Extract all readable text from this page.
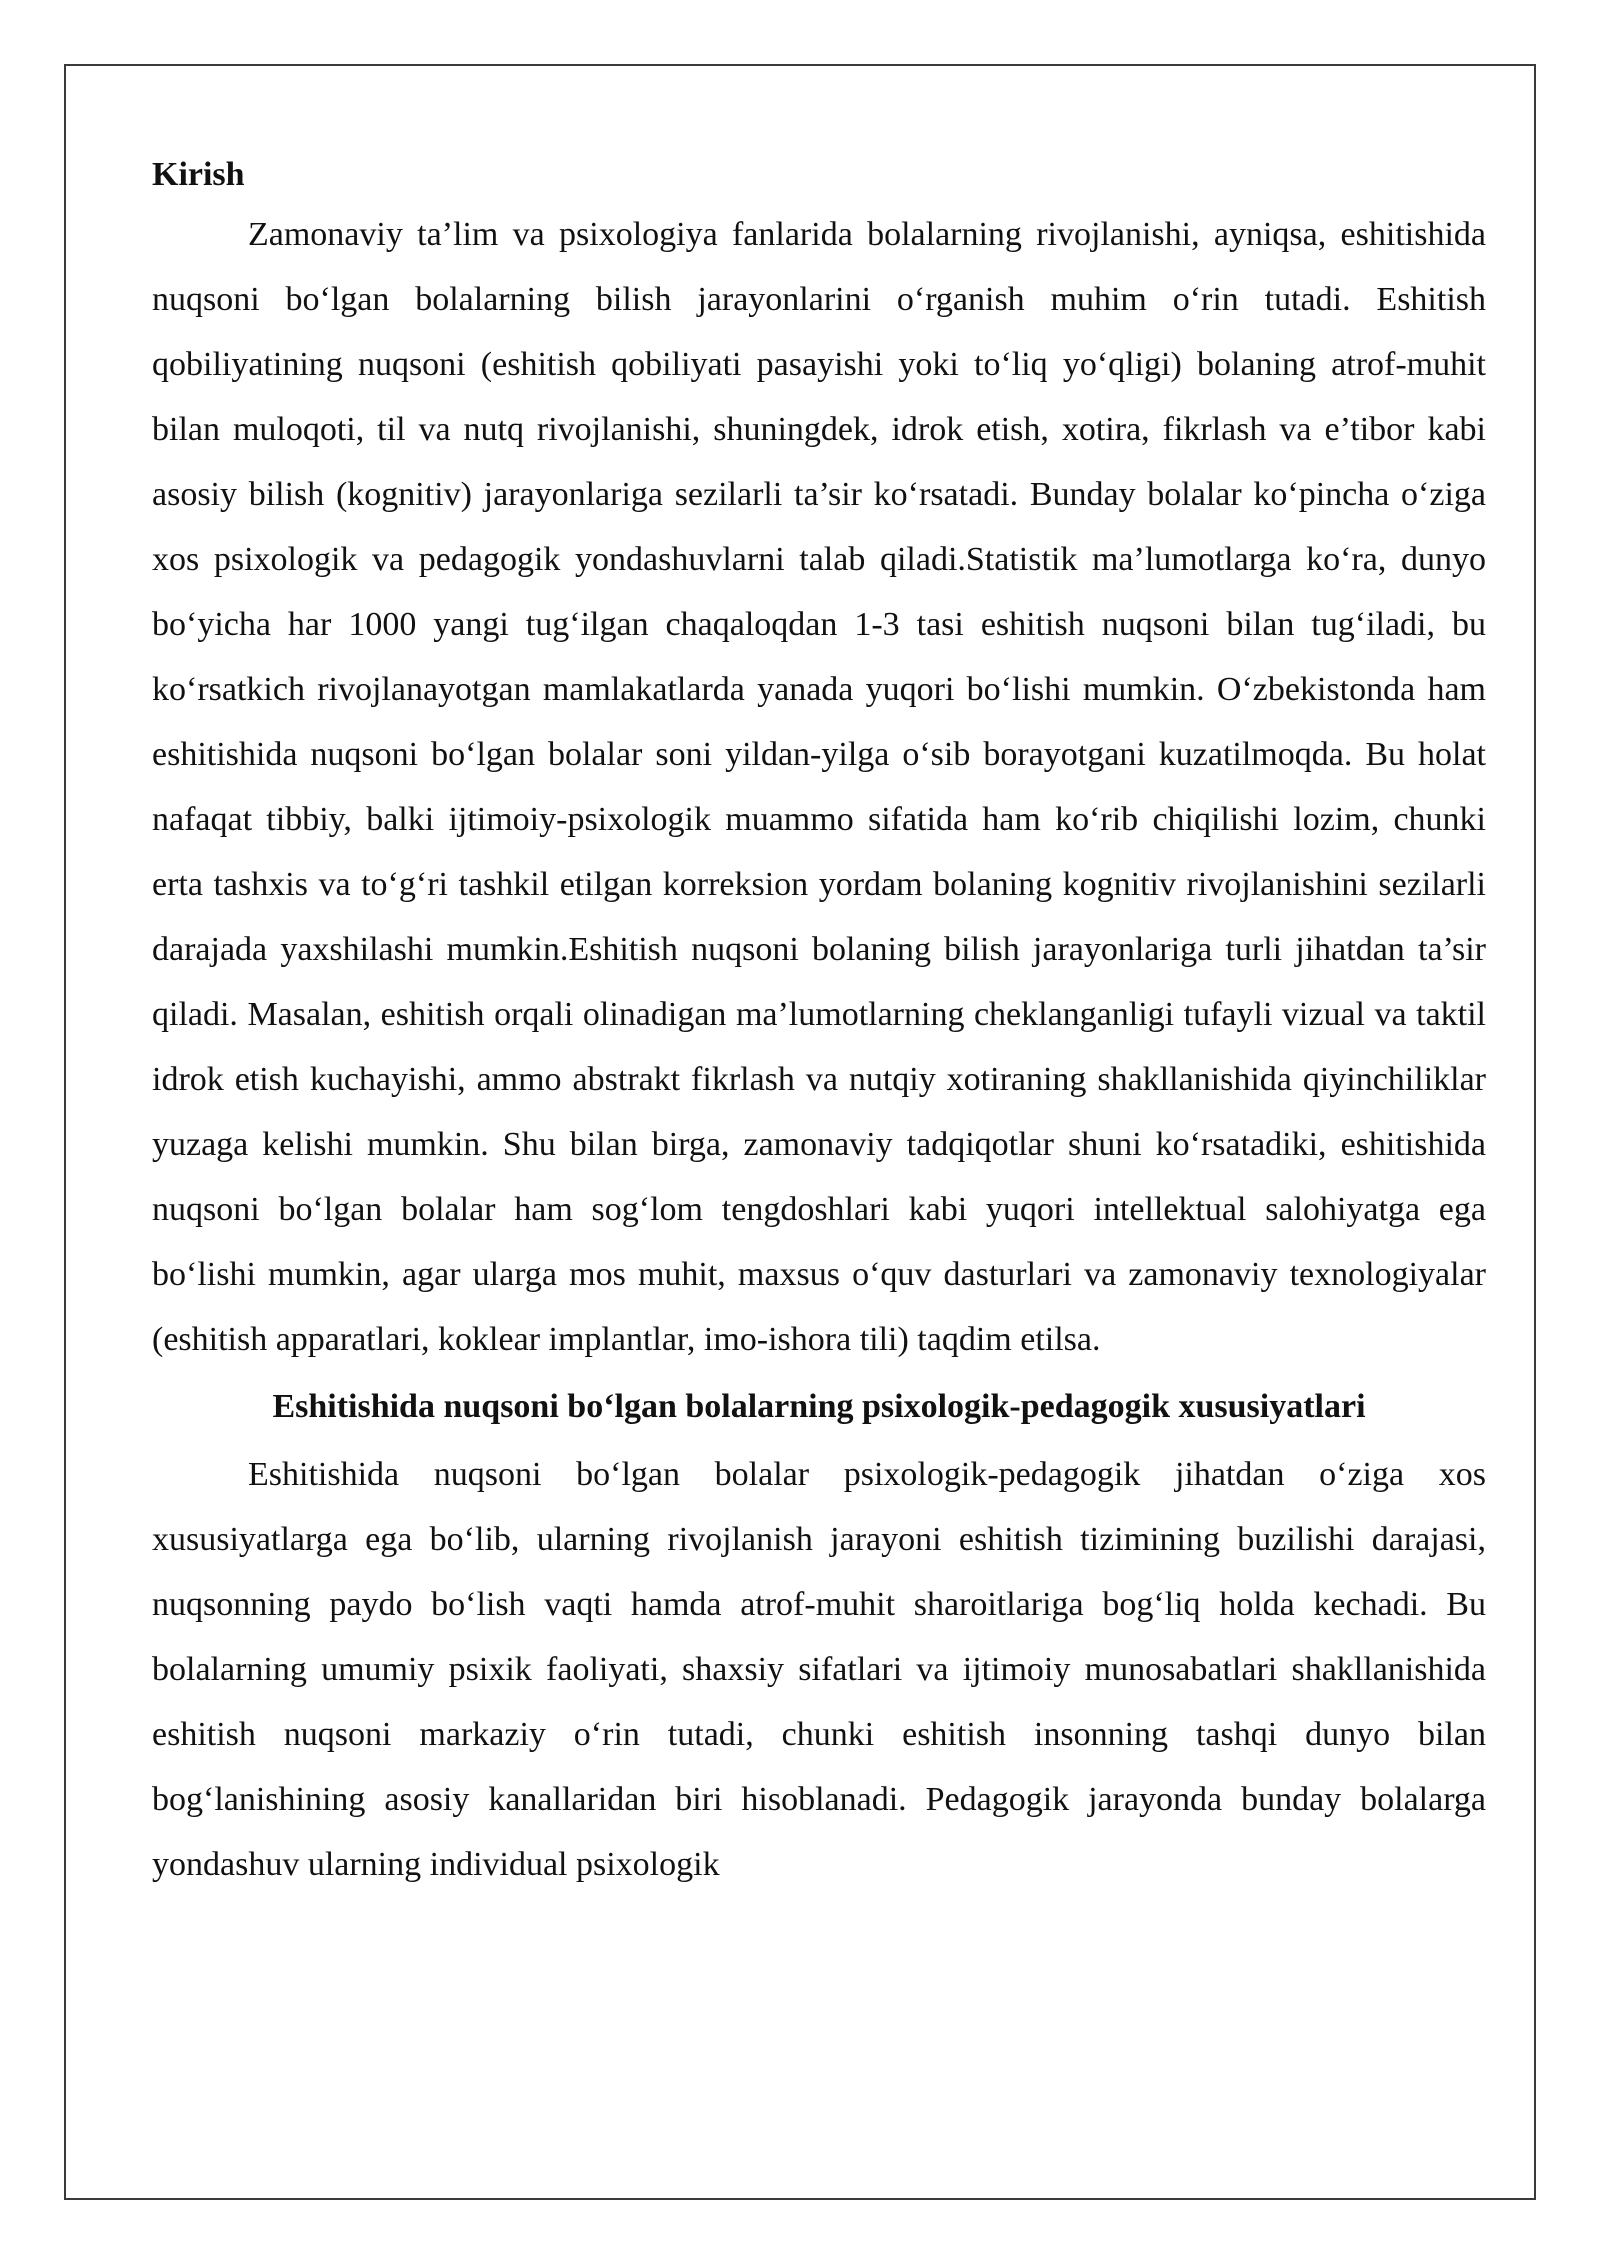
Kirish

Zamonaviy ta’lim va psixologiya fanlarida bolalarning rivojlanishi, ayniqsa, eshitishida nuqsoni bo‘lgan bolalarning bilish jarayonlarini o‘rganish muhim o‘rin tutadi. Eshitish qobiliyatining nuqsoni (eshitish qobiliyati pasayishi yoki to‘liq yo‘qligi) bolaning atrof-muhit bilan muloqoti, til va nutq rivojlanishi, shuningdek, idrok etish, xotira, fikrlash va e’tibor kabi asosiy bilish (kognitiv) jarayonlariga sezilarli ta’sir ko‘rsatadi. Bunday bolalar ko‘pincha o‘ziga xos psixologik va pedagogik yondashuvlarni talab qiladi.Statistik ma’lumotlarga ko‘ra, dunyo bo‘yicha har 1000 yangi tug‘ilgan chaqaloqdan 1-3 tasi eshitish nuqsoni bilan tug‘iladi, bu ko‘rsatkich rivojlanayotgan mamlakatlarda yanada yuqori bo‘lishi mumkin. O‘zbekistonda ham eshitishida nuqsoni bo‘lgan bolalar soni yildan-yilga o‘sib borayotgani kuzatilmoqda. Bu holat nafaqat tibbiy, balki ijtimoiy-psixologik muammo sifatida ham ko‘rib chiqilishi lozim, chunki erta tashxis va to‘g‘ri tashkil etilgan korreksion yordam bolaning kognitiv rivojlanishini sezilarli darajada yaxshilashi mumkin.Eshitish nuqsoni bolaning bilish jarayonlariga turli jihatdan ta’sir qiladi. Masalan, eshitish orqali olinadigan ma’lumotlarning cheklanganligi tufayli vizual va taktil idrok etish kuchayishi, ammo abstrakt fikrlash va nutqiy xotiraning shakllanishida qiyinchiliklar yuzaga kelishi mumkin. Shu bilan birga, zamonaviy tadqiqotlar shuni ko‘rsatadiki, eshitishida nuqsoni bo‘lgan bolalar ham sog‘lom tengdoshlari kabi yuqori intellektual salohiyatga ega bo‘lishi mumkin, agar ularga mos muhit, maxsus o‘quv dasturlari va zamonaviy texnologiyalar (eshitish apparatlari, koklear implantlar, imo-ishora tili) taqdim etilsa.

Eshitishida nuqsoni bo‘lgan bolalarning psixologik-pedagogik xususiyatlari

Eshitishida nuqsoni bo‘lgan bolalar psixologik-pedagogik jihatdan o‘ziga xos xususiyatlarga ega bo‘lib, ularning rivojlanish jarayoni eshitish tizimining buzilishi darajasi, nuqsonning paydo bo‘lish vaqti hamda atrof-muhit sharoitlariga bog‘liq holda kechadi. Bu bolalarning umumiy psixik faoliyati, shaxsiy sifatlari va ijtimoiy munosabatlari shakllanishida eshitish nuqsoni markaziy o‘rin tutadi, chunki eshitish insonning tashqi dunyo bilan bog‘lanishining asosiy kanallaridan biri hisoblanadi. Pedagogik jarayonda bunday bolalarga yondashuv ularning individual psixologik
